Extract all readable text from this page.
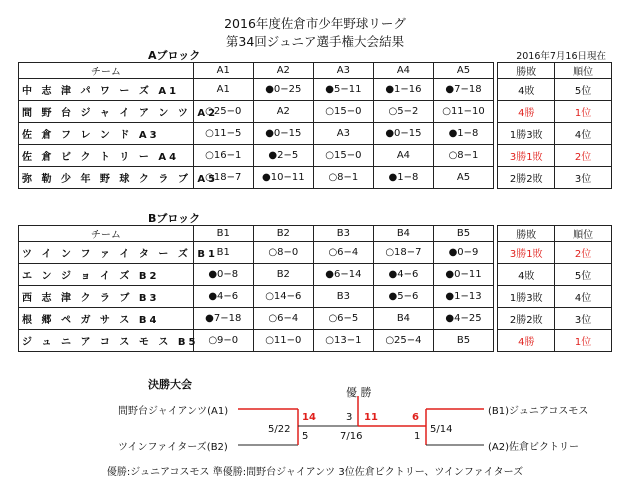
2016年度佐倉市少年野球リーグ
第34回ジュニア選手権大会結果
2016年7月16日現在
Aブロック
チーム	A1	A2	A3	A4	A5		勝敗	順位
中 志 津 パ ワ ー ズ A1	A1	●0−25	●5−11	●1−16	●7−18		4敗	5位
間 野 台 ジ ャ イ ア ン ツ A2	○25−0	A2	○15−0	○5−2	○11−10		4勝	1位
佐 倉 フ レ ン ド A3	○11−5	●0−15	A3	●0−15	●1−8		1勝3敗	4位
佐 倉 ビ ク ト リ ー A4	○16−1	●2−5	○15−0	A4	○8−1		3勝1敗	2位
弥 勒 少 年 野 球 ク ラ ブ A5	○18−7	●10−11	○8−1	●1−8	A5		2勝2敗	3位
Bブロック
チーム	B1	B2	B3	B4	B5		勝敗	順位
ツ イ ン フ ァ イ タ ー ズ B1	B1	○8−0	○6−4	○18−7	●0−9		3勝1敗	2位
エ ン ジ ョ イ ズ B2	●0−8	B2	●6−14	●4−6	●0−11		4敗	5位
西 志 津 ク ラ ブ B3	●4−6	○14−6	B3	●5−6	●1−13		1勝3敗	4位
根 郷 ペ ガ サ ス B4	●7−18	○6−4	○6−5	B4	●4−25		2勝2敗	3位
ジ ュ ニ ア コ ス モ ス B5	○9−0	○11−0	○13−1	○25−4	B5		4勝	1位
決勝大会
間野台ジャイアンツ(A1)
ツインファイターズ(B2)
(B1)ジュニアコスモス
(A2)佐倉ビクトリー
優 勝
14
5
5/22
3 11
7/16
6
1
5/14
優勝:ジュニアコスモス 準優勝:間野台ジャイアンツ 3位佐倉ビクトリー、ツインファイターズ
